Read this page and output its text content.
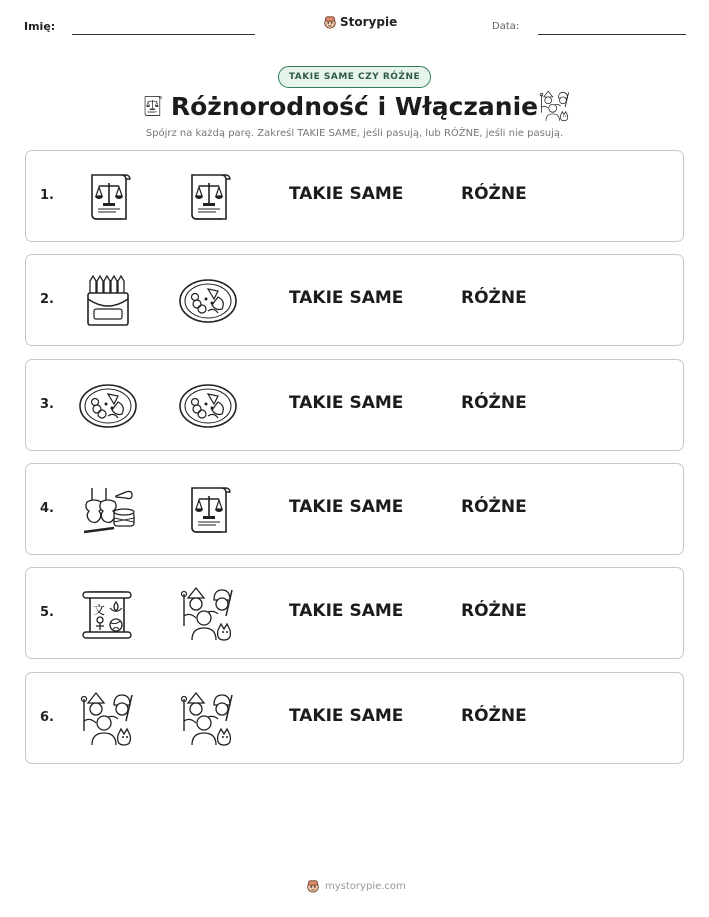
Imię:	Storypie	Data:
TAKIE SAME CZY RÓŻNE
Różnorodność i Włączanie
Spójrz na każdą parę. Zakreśl TAKIE SAME, jeśli pasują, lub RÓŻNE, jeśli nie pasują.
1.	TAKIE SAME	RÓŻNE
2.	TAKIE SAME	RÓŻNE
3.	TAKIE SAME	RÓŻNE
4.	TAKIE SAME	RÓŻNE
5.	TAKIE SAME	RÓŻNE
6.	TAKIE SAME	RÓŻNE
mystorypie.com
